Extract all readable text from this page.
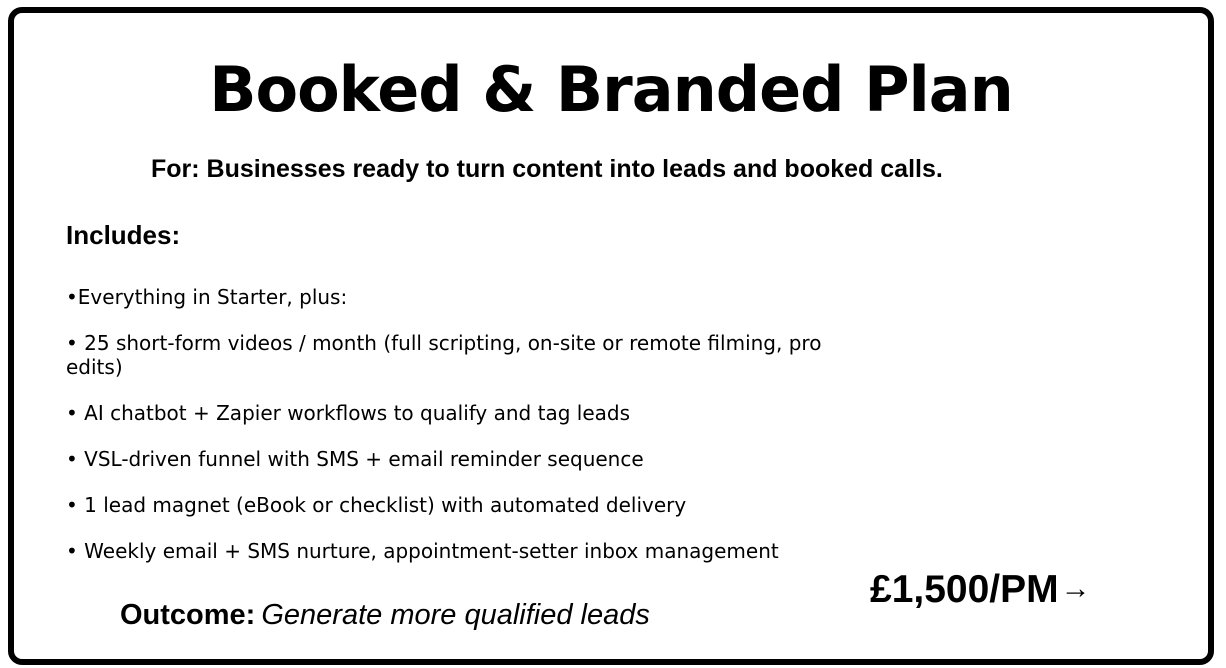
Booked & Branded Plan
For: Businesses ready to turn content into leads and booked calls.
Includes:
•Everything in Starter, plus:
• 25 short-form videos / month (full scripting, on-site or remote filming, pro edits)
• AI chatbot + Zapier workflows to qualify and tag leads
• VSL-driven funnel with SMS + email reminder sequence
• 1 lead magnet (eBook or checklist) with automated delivery
• Weekly email + SMS nurture, appointment-setter inbox management
Outcome: Generate more qualified leads
£1,500/PM→
